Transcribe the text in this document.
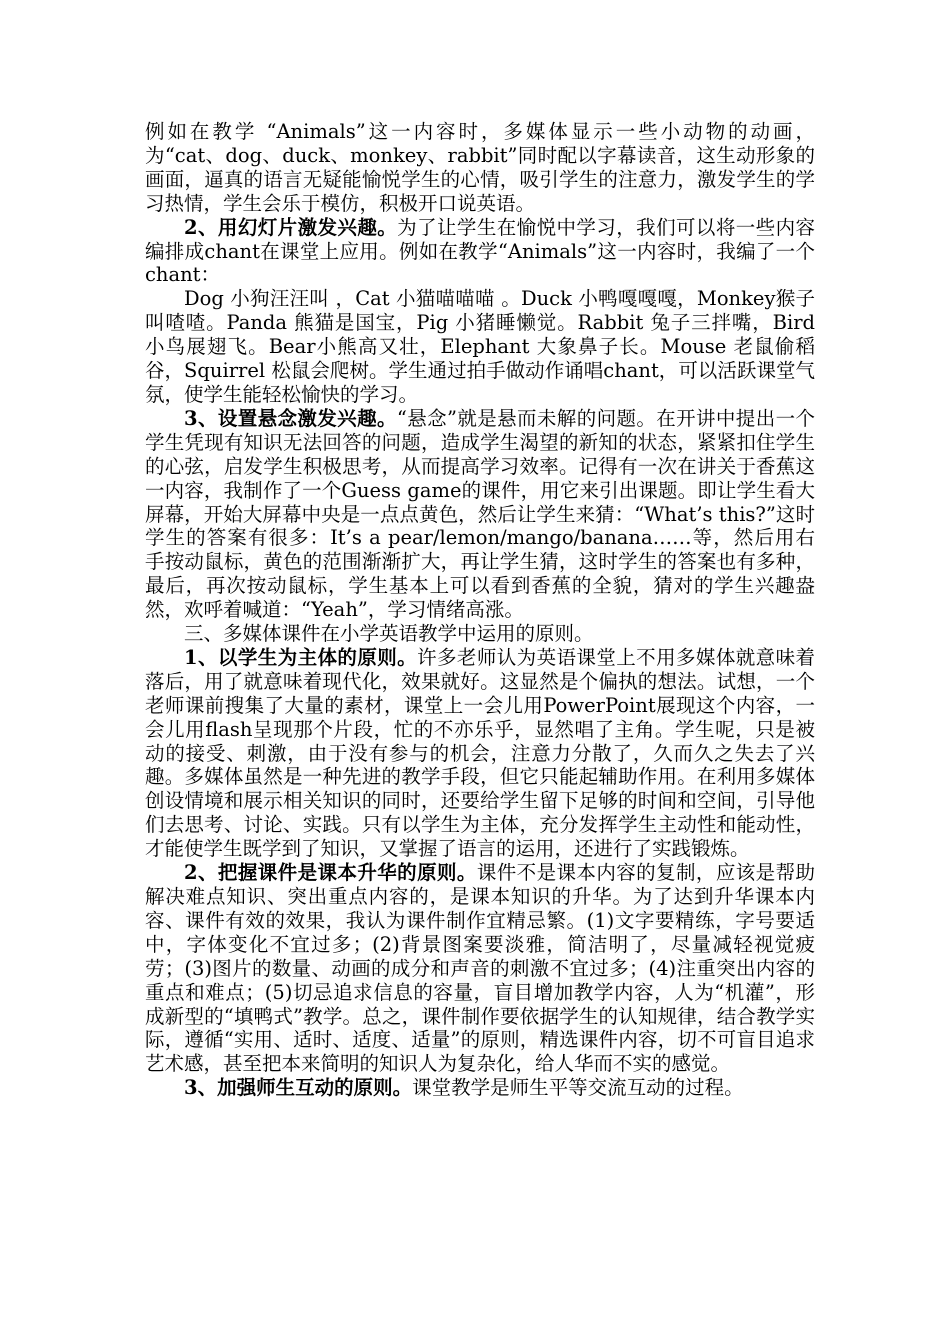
例如在教学 “Animals”这一内容时，多媒体显示一些小动物的动画，为“cat、dog、duck、monkey、rabbit”同时配以字幕读音，这生动形象的画面，逼真的语言无疑能愉悦学生的心情，吸引学生的注意力，激发学生的学习热情，学生会乐于模仿，积极开口说英语。

2、用幻灯片激发兴趣。为了让学生在愉悦中学习，我们可以将一些内容编排成chant在课堂上应用。例如在教学“Animals”这一内容时，我编了一个chant：

Dog 小狗汪汪叫 ，Cat 小猫喵喵喵 。Duck 小鸭嘎嘎嘎，Monkey猴子叫喳喳。Panda 熊猫是国宝，Pig 小猪睡懒觉。Rabbit 兔子三拌嘴，Bird 小鸟展翅飞。Bear小熊高又壮，Elephant 大象鼻子长。Mouse 老鼠偷稻谷，Squirrel 松鼠会爬树。学生通过拍手做动作诵唱chant，可以活跃课堂气氛，使学生能轻松愉快的学习。

3、设置悬念激发兴趣。“悬念”就是悬而未解的问题。在开讲中提出一个学生凭现有知识无法回答的问题，造成学生渴望的新知的状态，紧紧扣住学生的心弦，启发学生积极思考，从而提高学习效率。记得有一次在讲关于香蕉这一内容，我制作了一个Guess game的课件，用它来引出课题。即让学生看大屏幕，开始大屏幕中央是一点点黄色，然后让学生来猜：“What’s this?”这时学生的答案有很多：It’s a pear/lemon/mango/banana……等，然后用右手按动鼠标，黄色的范围渐渐扩大，再让学生猜，这时学生的答案也有多种，最后，再次按动鼠标，学生基本上可以看到香蕉的全貌，猜对的学生兴趣盎然，欢呼着喊道：“Yeah”，学习情绪高涨。

三、多媒体课件在小学英语教学中运用的原则。

1、以学生为主体的原则。许多老师认为英语课堂上不用多媒体就意味着落后，用了就意味着现代化，效果就好。这显然是个偏执的想法。试想，一个老师课前搜集了大量的素材，课堂上一会儿用PowerPoint展现这个内容，一会儿用flash呈现那个片段，忙的不亦乐乎，显然唱了主角。学生呢，只是被动的接受、刺激，由于没有参与的机会，注意力分散了，久而久之失去了兴趣。多媒体虽然是一种先进的教学手段，但它只能起辅助作用。在利用多媒体创设情境和展示相关知识的同时，还要给学生留下足够的时间和空间，引导他们去思考、讨论、实践。只有以学生为主体，充分发挥学生主动性和能动性，才能使学生既学到了知识，又掌握了语言的运用，还进行了实践锻炼。

2、把握课件是课本升华的原则。课件不是课本内容的复制，应该是帮助解决难点知识、突出重点内容的，是课本知识的升华。为了达到升华课本内容、课件有效的效果，我认为课件制作宜精忌繁。(1)文字要精练，字号要适中，字体变化不宜过多；(2)背景图案要淡雅，简洁明了，尽量减轻视觉疲劳；(3)图片的数量、动画的成分和声音的刺激不宜过多；(4)注重突出内容的重点和难点；(5)切忌追求信息的容量，盲目增加教学内容，人为“机灌”，形成新型的“填鸭式”教学。总之，课件制作要依据学生的认知规律，结合教学实际，遵循“实用、适时、适度、适量”的原则，精选课件内容，切不可盲目追求艺术感，甚至把本来简明的知识人为复杂化，给人华而不实的感觉。

3、加强师生互动的原则。课堂教学是师生平等交流互动的过程。
